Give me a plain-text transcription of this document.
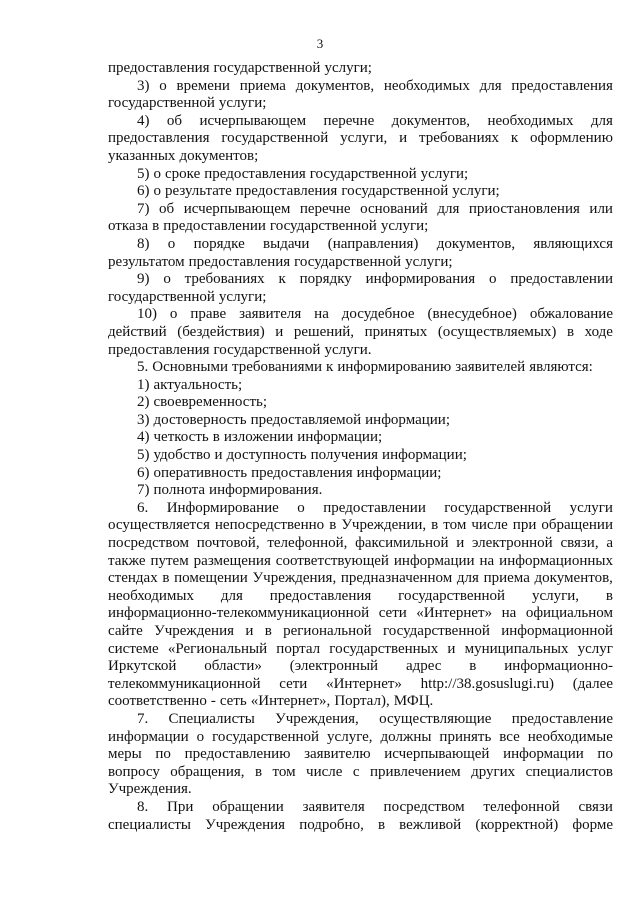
3
предоставления государственной услуги;
3) о времени приема документов, необходимых для предоставления
государственной услуги;
4) об исчерпывающем перечне документов, необходимых для
предоставления государственной услуги, и требованиях к оформлению
указанных документов;
5) о сроке предоставления государственной услуги;
6) о результате предоставления государственной услуги;
7) об исчерпывающем перечне оснований для приостановления или
отказа в предоставлении государственной услуги;
8) о порядке выдачи (направления) документов, являющихся
результатом предоставления государственной услуги;
9) о требованиях к порядку информирования о предоставлении
государственной услуги;
10) о праве заявителя на досудебное (внесудебное) обжалование
действий (бездействия) и решений, принятых (осуществляемых) в ходе
предоставления государственной услуги.
5. Основными требованиями к информированию заявителей являются:
1) актуальность;
2) своевременность;
3) достоверность предоставляемой информации;
4) четкость в изложении информации;
5) удобство и доступность получения информации;
6) оперативность предоставления информации;
7) полнота информирования.
6. Информирование о предоставлении государственной услуги
осуществляется непосредственно в Учреждении, в том числе при обращении
посредством почтовой, телефонной, факсимильной и электронной связи, а
также путем размещения соответствующей информации на информационных
стендах в помещении Учреждения, предназначенном для приема документов,
необходимых для предоставления государственной услуги, в
информационно-телекоммуникационной сети «Интернет» на официальном
сайте Учреждения и в региональной государственной информационной
системе «Региональный портал государственных и муниципальных услуг
Иркутской области» (электронный адрес в информационно-
телекоммуникационной сети «Интернет» http://38.gosuslugi.ru) (далее
соответственно - сеть «Интернет», Портал), МФЦ.
7. Специалисты Учреждения, осуществляющие предоставление
информации о государственной услуге, должны принять все необходимые
меры по предоставлению заявителю исчерпывающей информации по
вопросу обращения, в том числе с привлечением других специалистов
Учреждения.
8. При обращении заявителя посредством телефонной связи
специалисты Учреждения подробно, в вежливой (корректной) форме
